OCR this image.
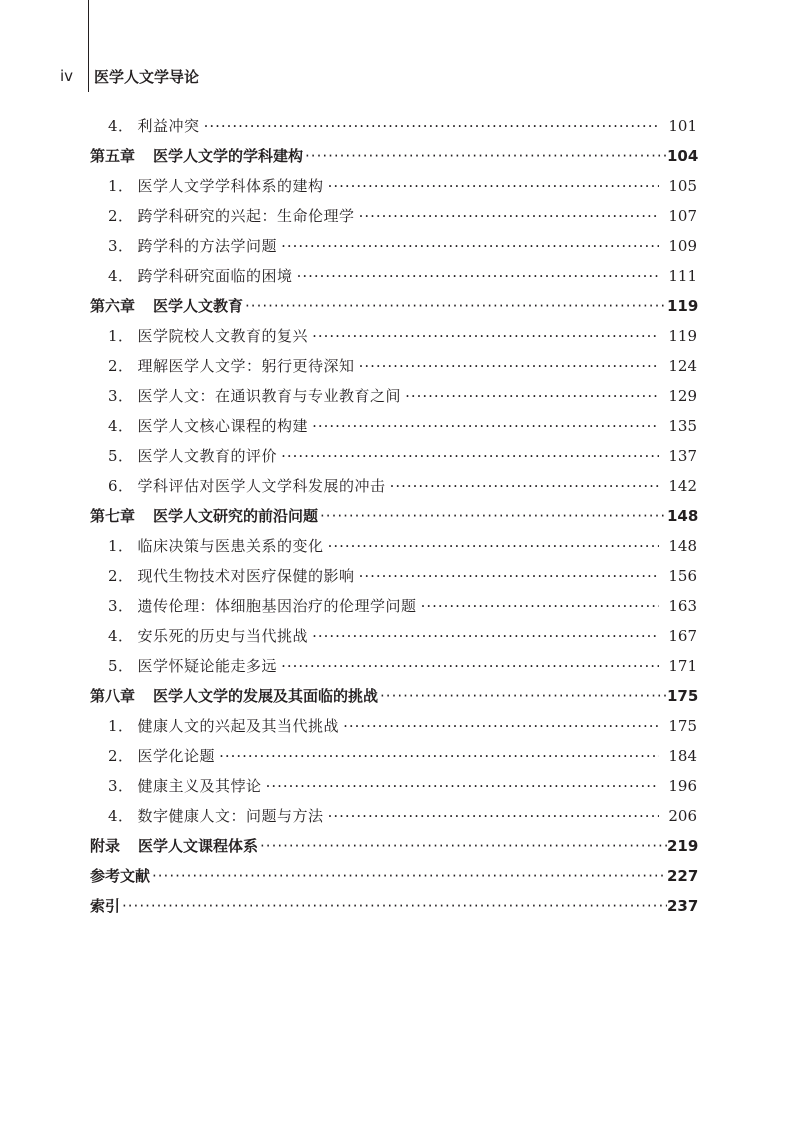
iv	医学人文学导论
4． 利益冲突 ·····	101
第五章 医学人文学的学科建构 ·····	104
1． 医学人文学学科体系的建构 ·····	105
2． 跨学科研究的兴起：生命伦理学 ·····	107
3． 跨学科的方法学问题 ·····	109
4． 跨学科研究面临的困境 ·····	111
第六章 医学人文教育 ·····	119
1． 医学院校人文教育的复兴 ·····	119
2． 理解医学人文学：躬行更待深知 ·····	124
3． 医学人文：在通识教育与专业教育之间 ·····	129
4． 医学人文核心课程的构建 ·····	135
5． 医学人文教育的评价 ·····	137
6． 学科评估对医学人文学科发展的冲击 ·····	142
第七章 医学人文研究的前沿问题 ·····	148
1． 临床决策与医患关系的变化 ·····	148
2． 现代生物技术对医疗保健的影响 ·····	156
3． 遗传伦理：体细胞基因治疗的伦理学问题 ·····	163
4． 安乐死的历史与当代挑战 ·····	167
5． 医学怀疑论能走多远 ·····	171
第八章 医学人文学的发展及其面临的挑战 ·····	175
1． 健康人文的兴起及其当代挑战 ·····	175
2． 医学化论题 ·····	184
3． 健康主义及其悖论 ·····	196
4． 数字健康人文：问题与方法 ·····	206
附录 医学人文课程体系 ·····	219
参考文献 ·····	227
索引 ·····	237
